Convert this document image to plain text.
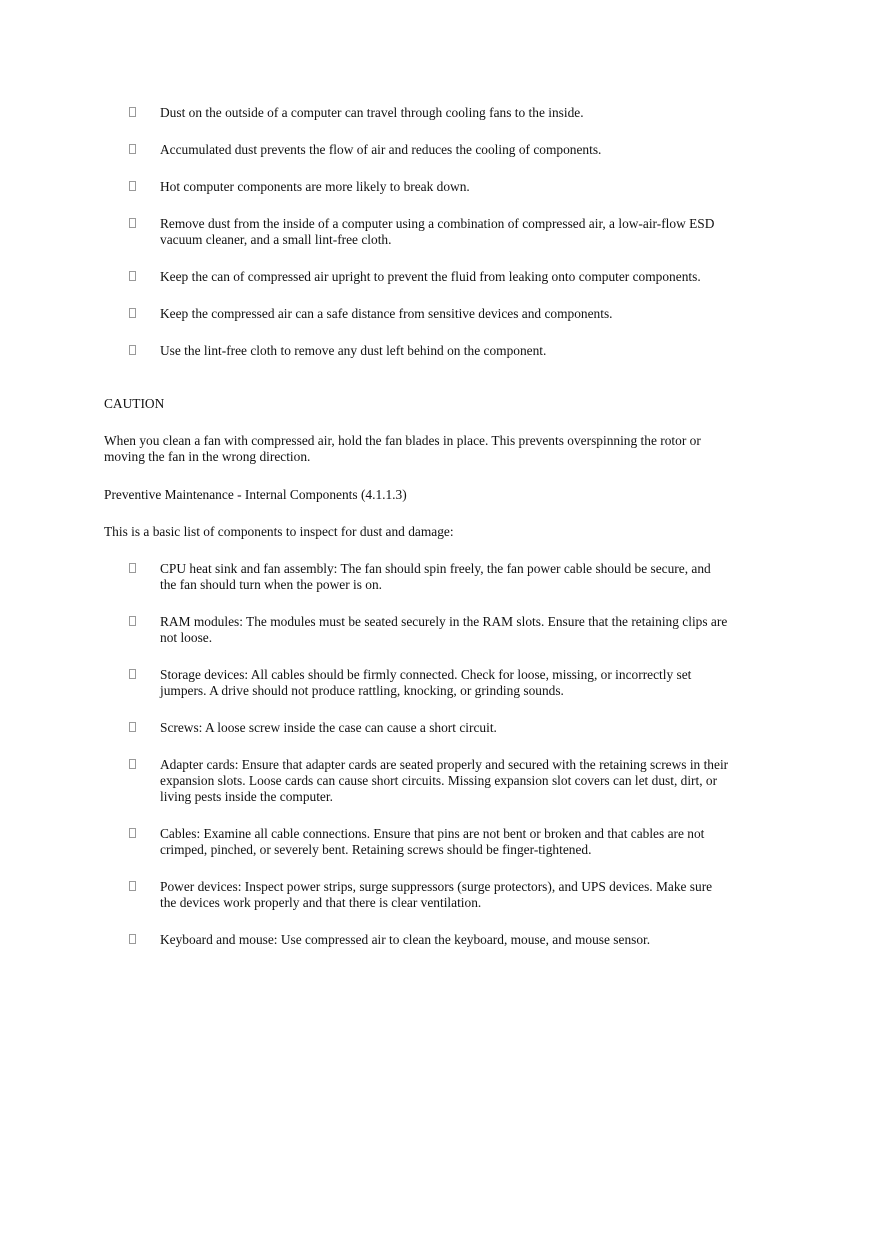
Dust on the outside of a computer can travel through cooling fans to the inside.
Accumulated dust prevents the flow of air and reduces the cooling of components.
Hot computer components are more likely to break down.
Remove dust from the inside of a computer using a combination of compressed air, a low-air-flow ESD vacuum cleaner, and a small lint-free cloth.
Keep the can of compressed air upright to prevent the fluid from leaking onto computer components.
Keep the compressed air can a safe distance from sensitive devices and components.
Use the lint-free cloth to remove any dust left behind on the component.

CAUTION

When you clean a fan with compressed air, hold the fan blades in place. This prevents overspinning the rotor or moving the fan in the wrong direction.

Preventive Maintenance - Internal Components (4.1.1.3)

This is a basic list of components to inspect for dust and damage:

CPU heat sink and fan assembly: The fan should spin freely, the fan power cable should be secure, and the fan should turn when the power is on.
RAM modules: The modules must be seated securely in the RAM slots. Ensure that the retaining clips are not loose.
Storage devices: All cables should be firmly connected. Check for loose, missing, or incorrectly set jumpers. A drive should not produce rattling, knocking, or grinding sounds.
Screws: A loose screw inside the case can cause a short circuit.
Adapter cards: Ensure that adapter cards are seated properly and secured with the retaining screws in their expansion slots. Loose cards can cause short circuits. Missing expansion slot covers can let dust, dirt, or living pests inside the computer.
Cables: Examine all cable connections. Ensure that pins are not bent or broken and that cables are not crimped, pinched, or severely bent. Retaining screws should be finger-tightened.
Power devices: Inspect power strips, surge suppressors (surge protectors), and UPS devices. Make sure the devices work properly and that there is clear ventilation.
Keyboard and mouse: Use compressed air to clean the keyboard, mouse, and mouse sensor.
